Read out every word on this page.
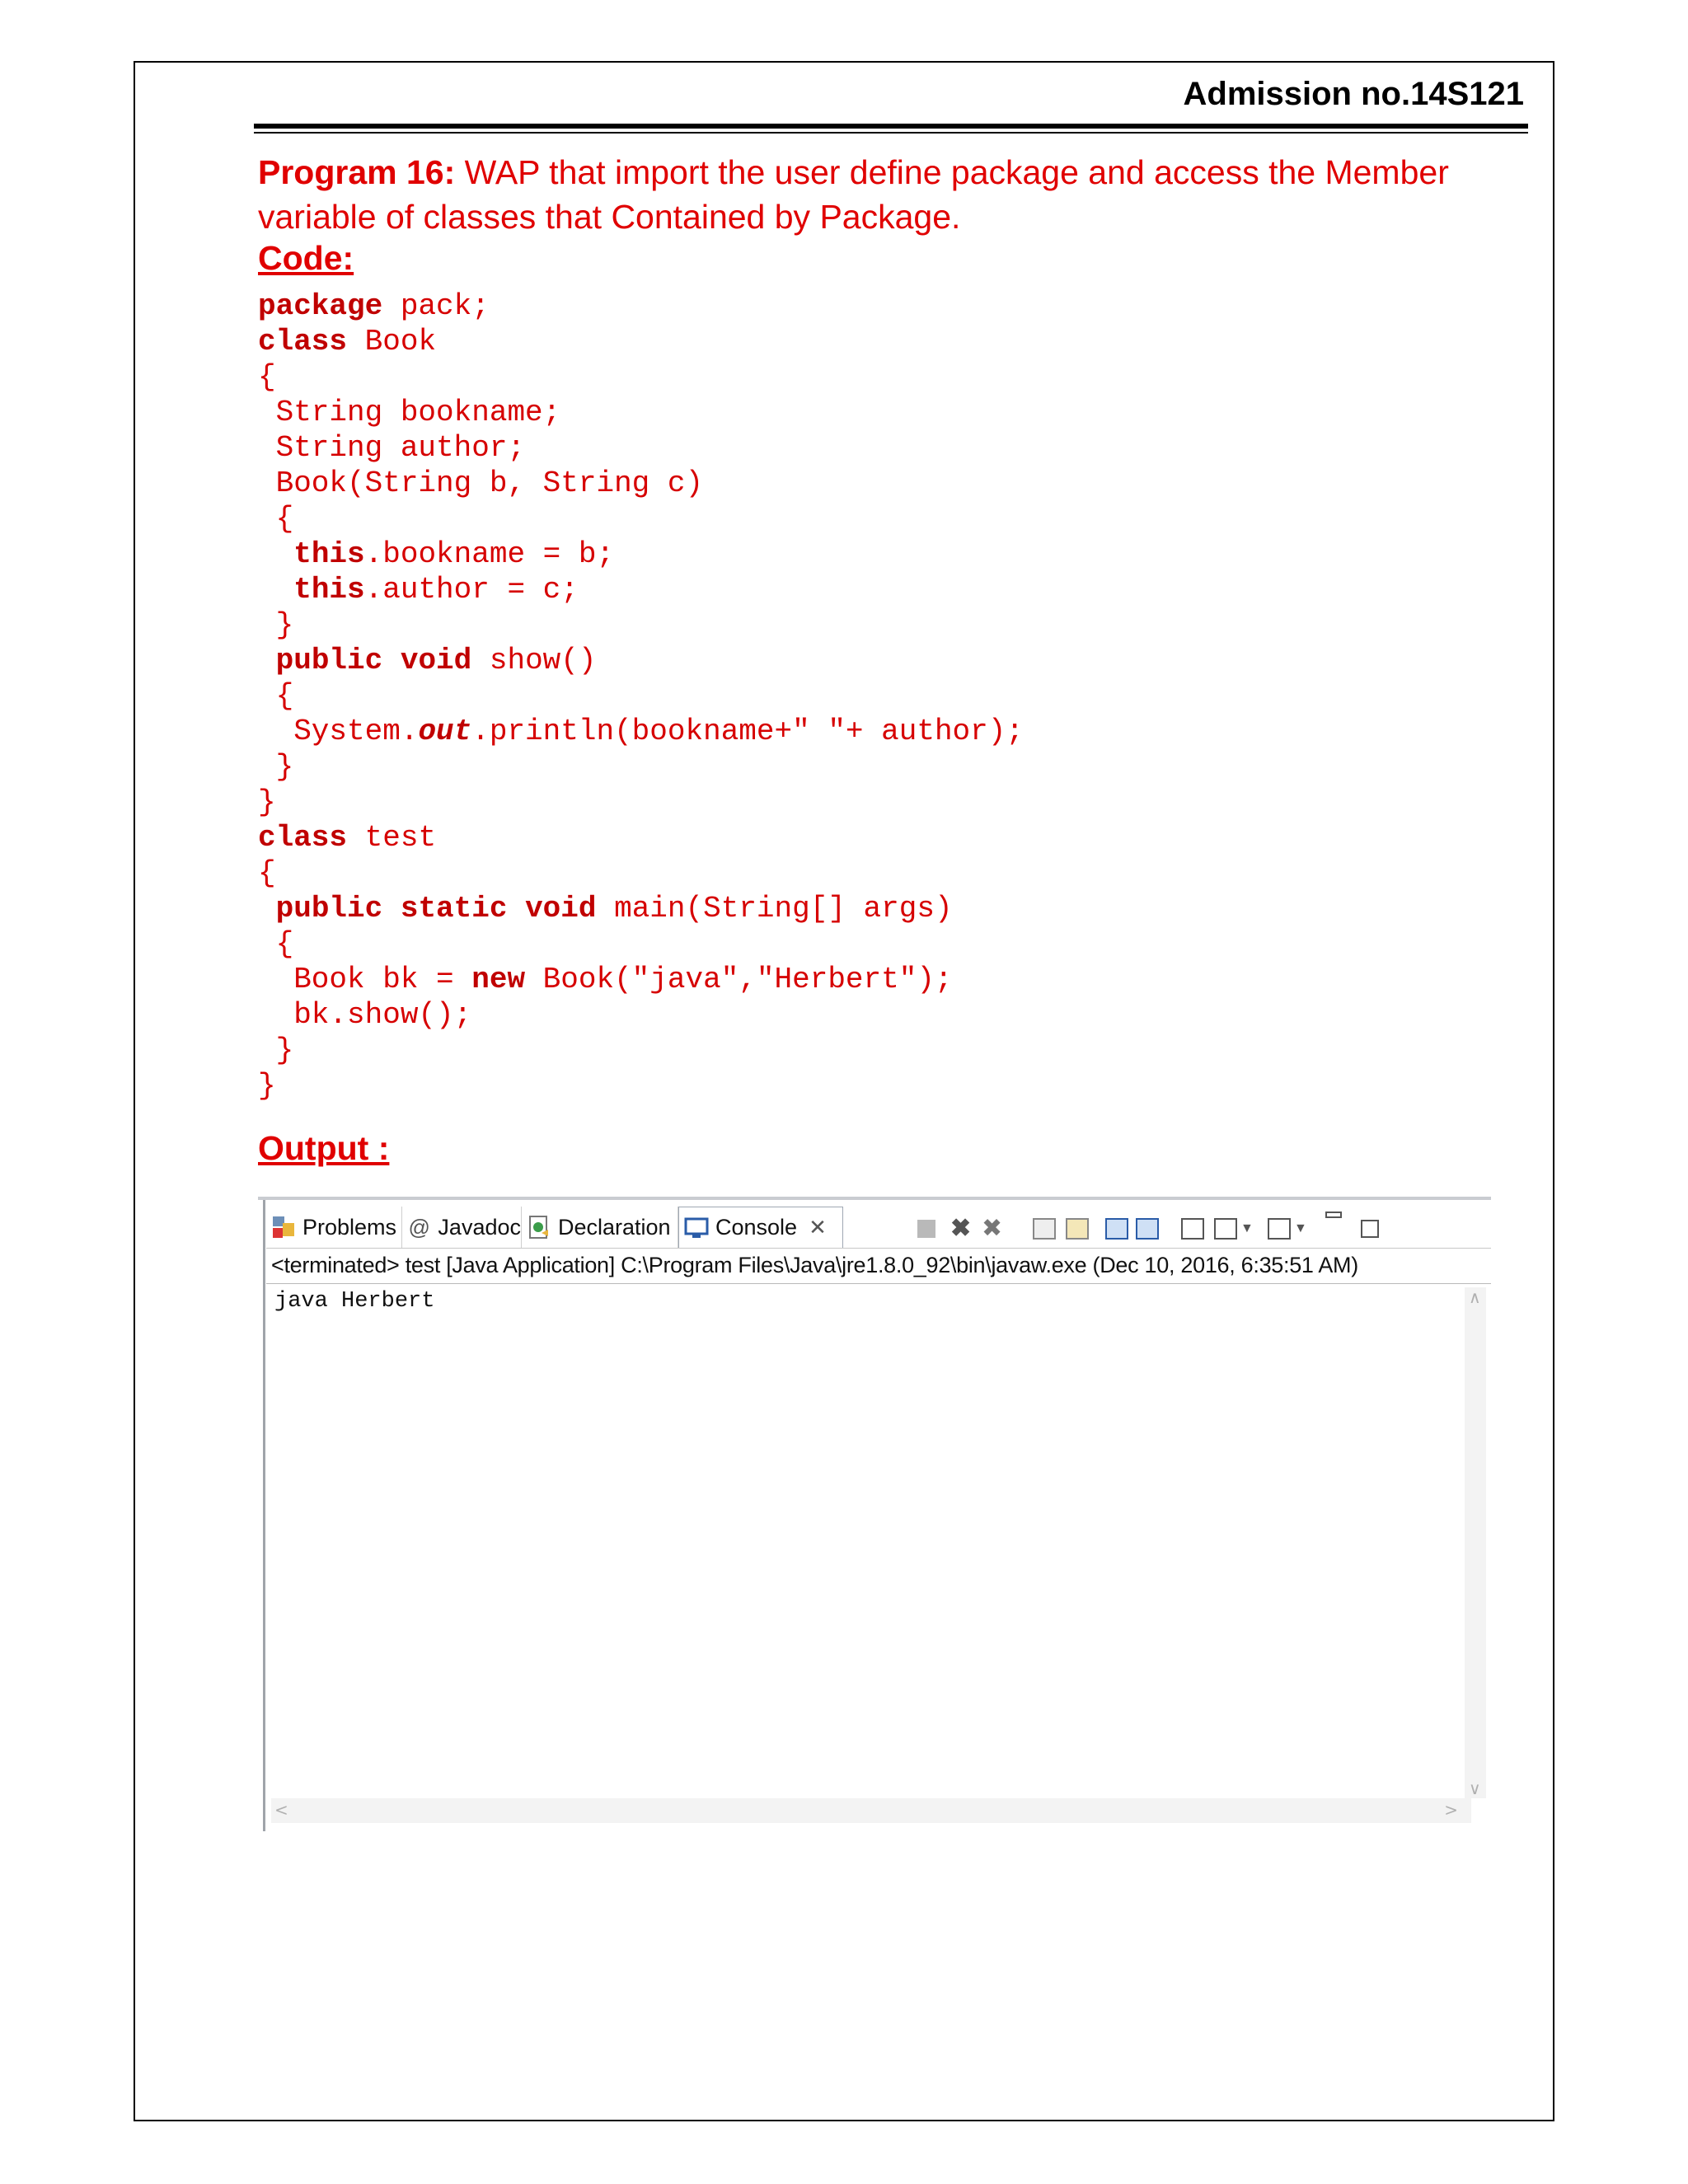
Admission no.14S121
Program 16: WAP that import the user define package and access the Member variable of classes that Contained by Package.
Code:
package pack;
class Book
{
String bookname;
String author;
Book(String b, String c)
{
this.bookname = b;
this.author = c;
}
public void show()
{
System.out.println(bookname+" "+ author);
}
}
class test
{
public static void main(String[] args)
{
Book bk = new Book("java","Herbert");
bk.show();
}
}
Output :
Problems @ Javadoc Declaration Console ✕	✖ ✖	▼	▼
<terminated> test [Java Application] C:\Program Files\Java\jre1.8.0_92\bin\javaw.exe (Dec 10, 2016, 6:35:51 AM)
java Herbert	∧
∨
<	>
